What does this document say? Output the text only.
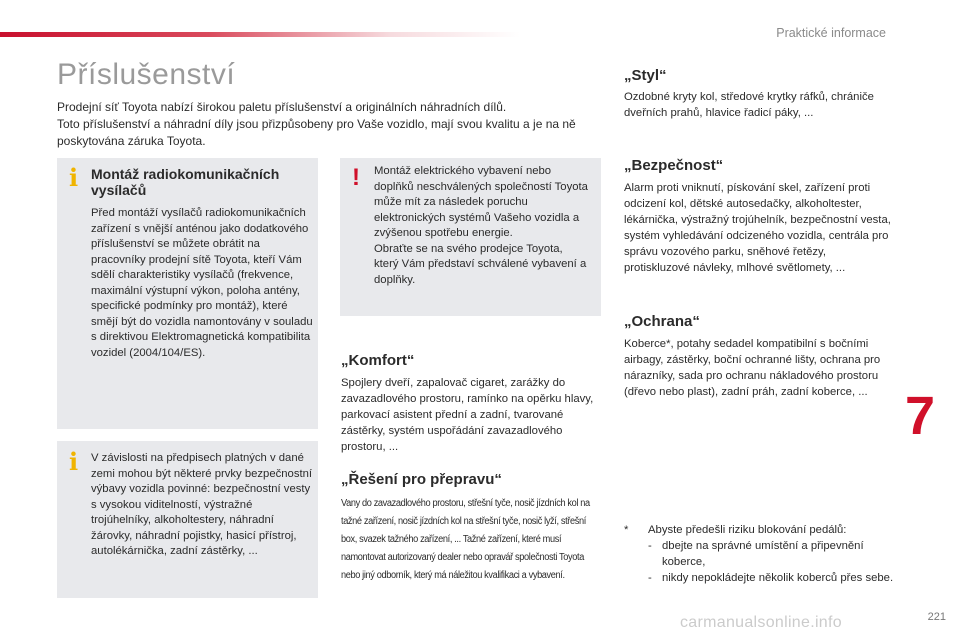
Praktické informace
Příslušenství

Prodejní síť Toyota nabízí širokou paletu příslušenství a originálních náhradních dílů.

Toto příslušenství a náhradní díly jsou přizpůsobeny pro Vaše vozidlo, mají svou kvalitu a je na ně poskytována záruka Toyota.

i Montáž radiokomunikačních vysílačů
Před montáží vysílačů radiokomunikačních zařízení s vnější anténou jako dodatkového příslušenství se můžete obrátit na pracovníky prodejní sítě Toyota, kteří Vám sdělí charakteristiky vysílačů (frekvence, maximální výstupní výkon, poloha antény, specifické podmínky pro montáž), které smějí být do vozidla namontovány v souladu s direktivou Elektromagnetická kompatibilita vozidel (2004/104/ES).
i V závislosti na předpisech platných v dané zemi mohou být některé prvky bezpečnostní výbavy vozidla povinné: bezpečnostní vesty s vysokou viditelností, výstražné trojúhelníky, alkoholtestery, náhradní žárovky, náhradní pojistky, hasicí přístroj, autolékárnička, zadní zástěrky, ...
! Montáž elektrického vybavení nebo doplňků neschválených společností Toyota může mít za následek poruchu elektronických systémů Vašeho vozidla a zvýšenou spotřebu energie.
Obraťte se na svého prodejce Toyota, který Vám představí schválené vybavení a doplňky.
„Komfort“
Spojlery dveří, zapalovač cigaret, zarážky do zavazadlového prostoru, ramínko na opěrku hlavy, parkovací asistent přední a zadní, tvarované zástěrky, systém uspořádání zavazadlového prostoru, ...
„Řešení pro přepravu“
Vany do zavazadlového prostoru, střešní tyče, nosič jízdních kol na tažné zařízení, nosič jízdních kol na střešní tyče, nosič lyží, střešní box, svazek tažného zařízení, ... Tažné zařízení, které musí namontovat autorizovaný dealer nebo opravář společnosti Toyota nebo jiný odborník, který má náležitou kvalifikaci a vybavení.
„Styl“
Ozdobné kryty kol, středové krytky ráfků, chrániče dveřních prahů, hlavice řadicí páky, ...
„Bezpečnost“
Alarm proti vniknutí, pískování skel, zařízení proti odcizení kol, dětské autosedačky, alkoholtester, lékárnička, výstražný trojúhelník, bezpečnostní vesta, systém vyhledávání odcizeného vozidla, centrála pro správu vozového parku, sněhové řetězy, protiskluzové návleky, mlhové světlomety, ...
„Ochrana“
Koberce*, potahy sedadel kompatibilní s bočními airbagy, zástěrky, boční ochranné lišty, ochrana pro nárazníky, sada pro ochranu nákladového prostoru (dřevo nebo plast), zadní práh, zadní koberce, ... 7
*	Abyste předešli riziku blokování pedálů:
- dbejte na správné umístění a připevnění koberce,
- nikdy nepokládejte několik koberců přes sebe.
carmanualsonline.info	221
